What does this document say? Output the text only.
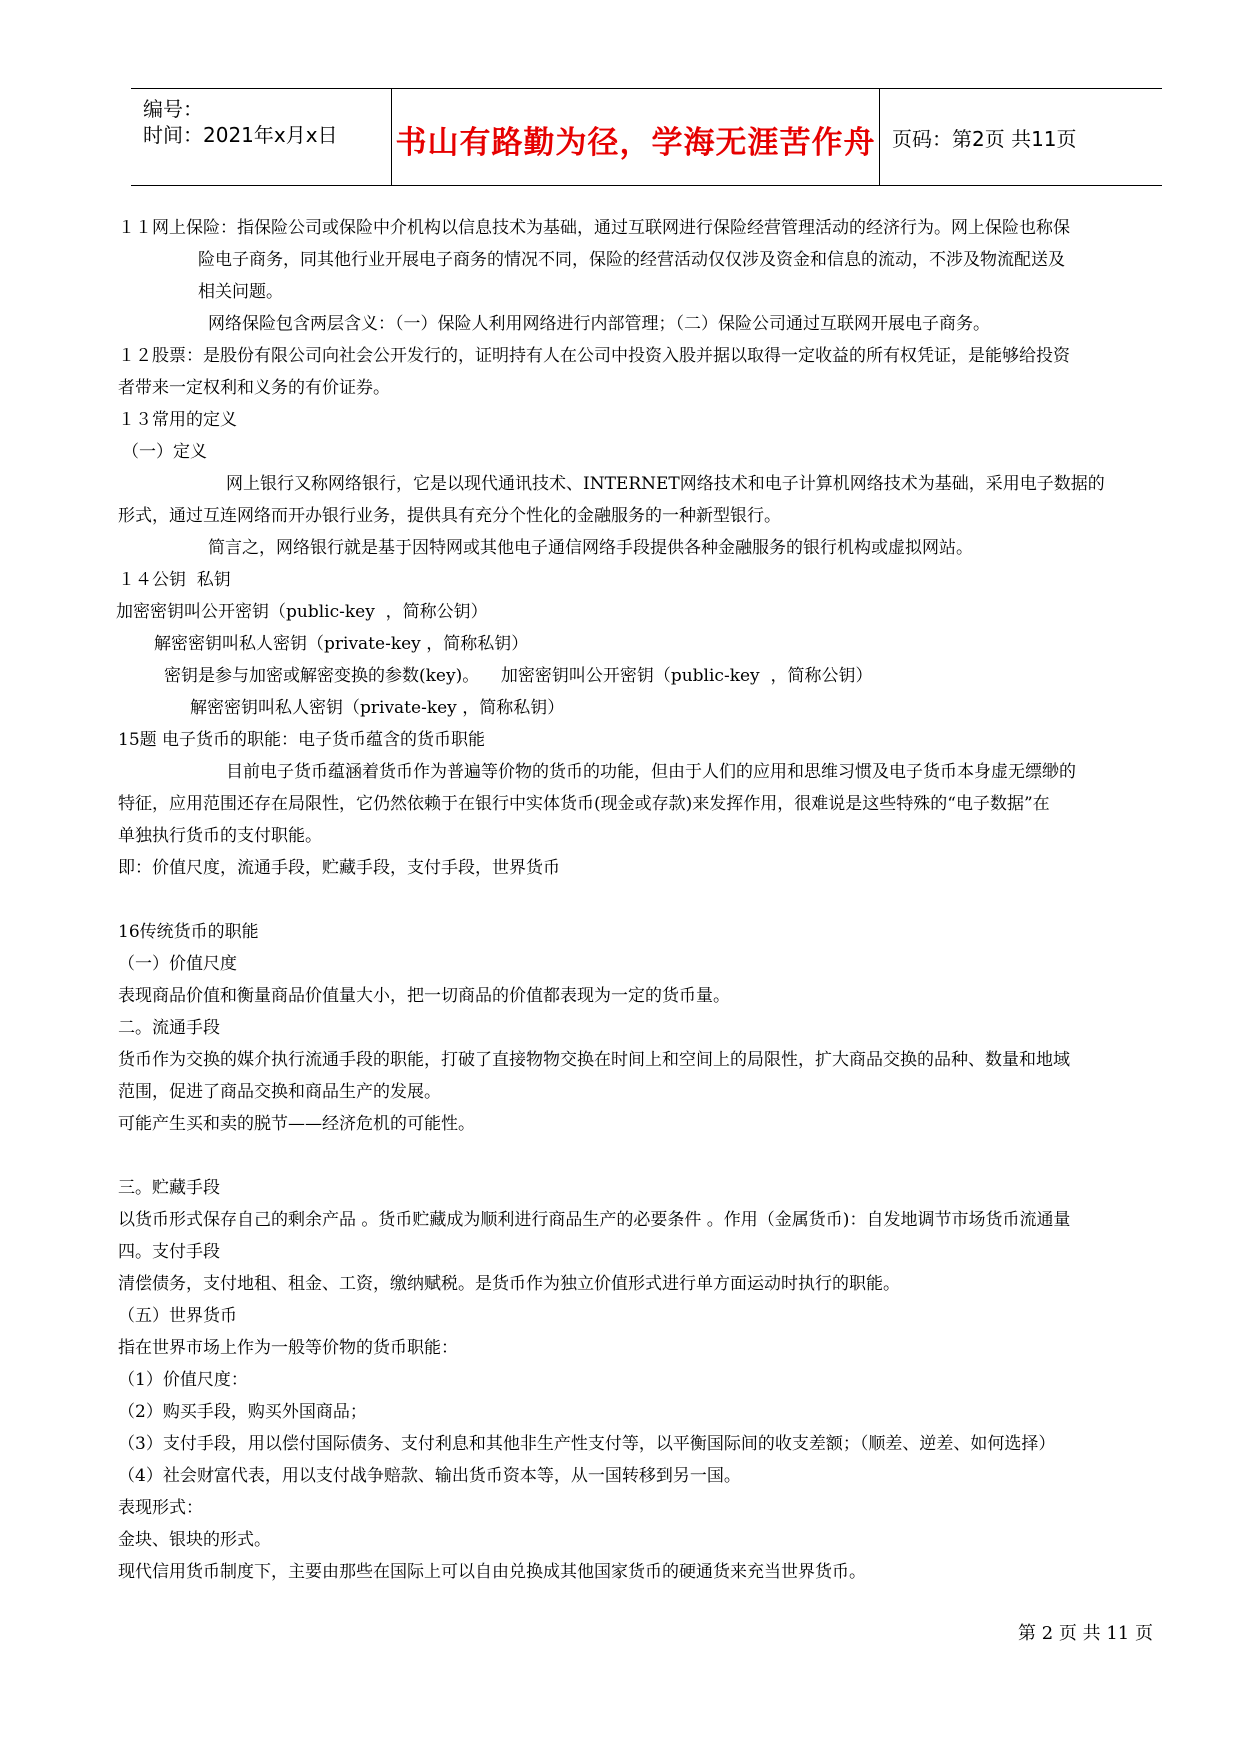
编号：
时间：2021年x月x日 书山有路勤为径，学海无涯苦作舟 页码：第2页 共11页

１１网上保险：指保险公司或保险中介机构以信息技术为基础，通过互联网进行保险经营管理活动的经济行为。网上保险也称保

险电子商务，同其他行业开展电子商务的情况不同，保险的经营活动仅仅涉及资金和信息的流动，不涉及物流配送及

相关问题。

网络保险包含两层含义：（一）保险人利用网络进行内部管理；（二）保险公司通过互联网开展电子商务。

１２股票：是股份有限公司向社会公开发行的，证明持有人在公司中投资入股并据以取得一定收益的所有权凭证，是能够给投资

者带来一定权利和义务的有价证券。

１３常用的定义

（一）定义

网上银行又称网络银行，它是以现代通讯技术、INTERNET网络技术和电子计算机网络技术为基础，采用电子数据的

形式，通过互连网络而开办银行业务，提供具有充分个性化的金融服务的一种新型银行。

简言之，网络银行就是基于因特网或其他电子通信网络手段提供各种金融服务的银行机构或虚拟网站。

１４公钥  私钥

加密密钥叫公开密钥（public-key  ，简称公钥）

解密密钥叫私人密钥（private-key ，简称私钥）

密钥是参与加密或解密变换的参数(key)。    加密密钥叫公开密钥（public-key  ，简称公钥）

解密密钥叫私人密钥（private-key ，简称私钥）

15题 电子货币的职能：电子货币蕴含的货币职能

目前电子货币蕴涵着货币作为普遍等价物的货币的功能，但由于人们的应用和思维习惯及电子货币本身虚无缥缈的

特征，应用范围还存在局限性，它仍然依赖于在银行中实体货币(现金或存款)来发挥作用，很难说是这些特殊的“电子数据”在

单独执行货币的支付职能。

即：价值尺度，流通手段，贮藏手段，支付手段，世界货币

16传统货币的职能

（一）价值尺度

表现商品价值和衡量商品价值量大小，把一切商品的价值都表现为一定的货币量。

二。流通手段

货币作为交换的媒介执行流通手段的职能，打破了直接物物交换在时间上和空间上的局限性，扩大商品交换的品种、数量和地域

范围，促进了商品交换和商品生产的发展。

可能产生买和卖的脱节——经济危机的可能性。

三。贮藏手段

以货币形式保存自己的剩余产品 。货币贮藏成为顺利进行商品生产的必要条件 。作用（金属货币)：自发地调节市场货币流通量

四。支付手段

清偿债务，支付地租、租金、工资，缴纳赋税。是货币作为独立价值形式进行单方面运动时执行的职能。

（五）世界货币

指在世界市场上作为一般等价物的货币职能：

（1）价值尺度：

（2）购买手段，购买外国商品；

（3）支付手段，用以偿付国际债务、支付利息和其他非生产性支付等，以平衡国际间的收支差额；（顺差、逆差、如何选择）

（4）社会财富代表，用以支付战争赔款、输出货币资本等，从一国转移到另一国。

表现形式：

金块、银块的形式。

现代信用货币制度下，主要由那些在国际上可以自由兑换成其他国家货币的硬通货来充当世界货币。

第 2 页 共 11 页
